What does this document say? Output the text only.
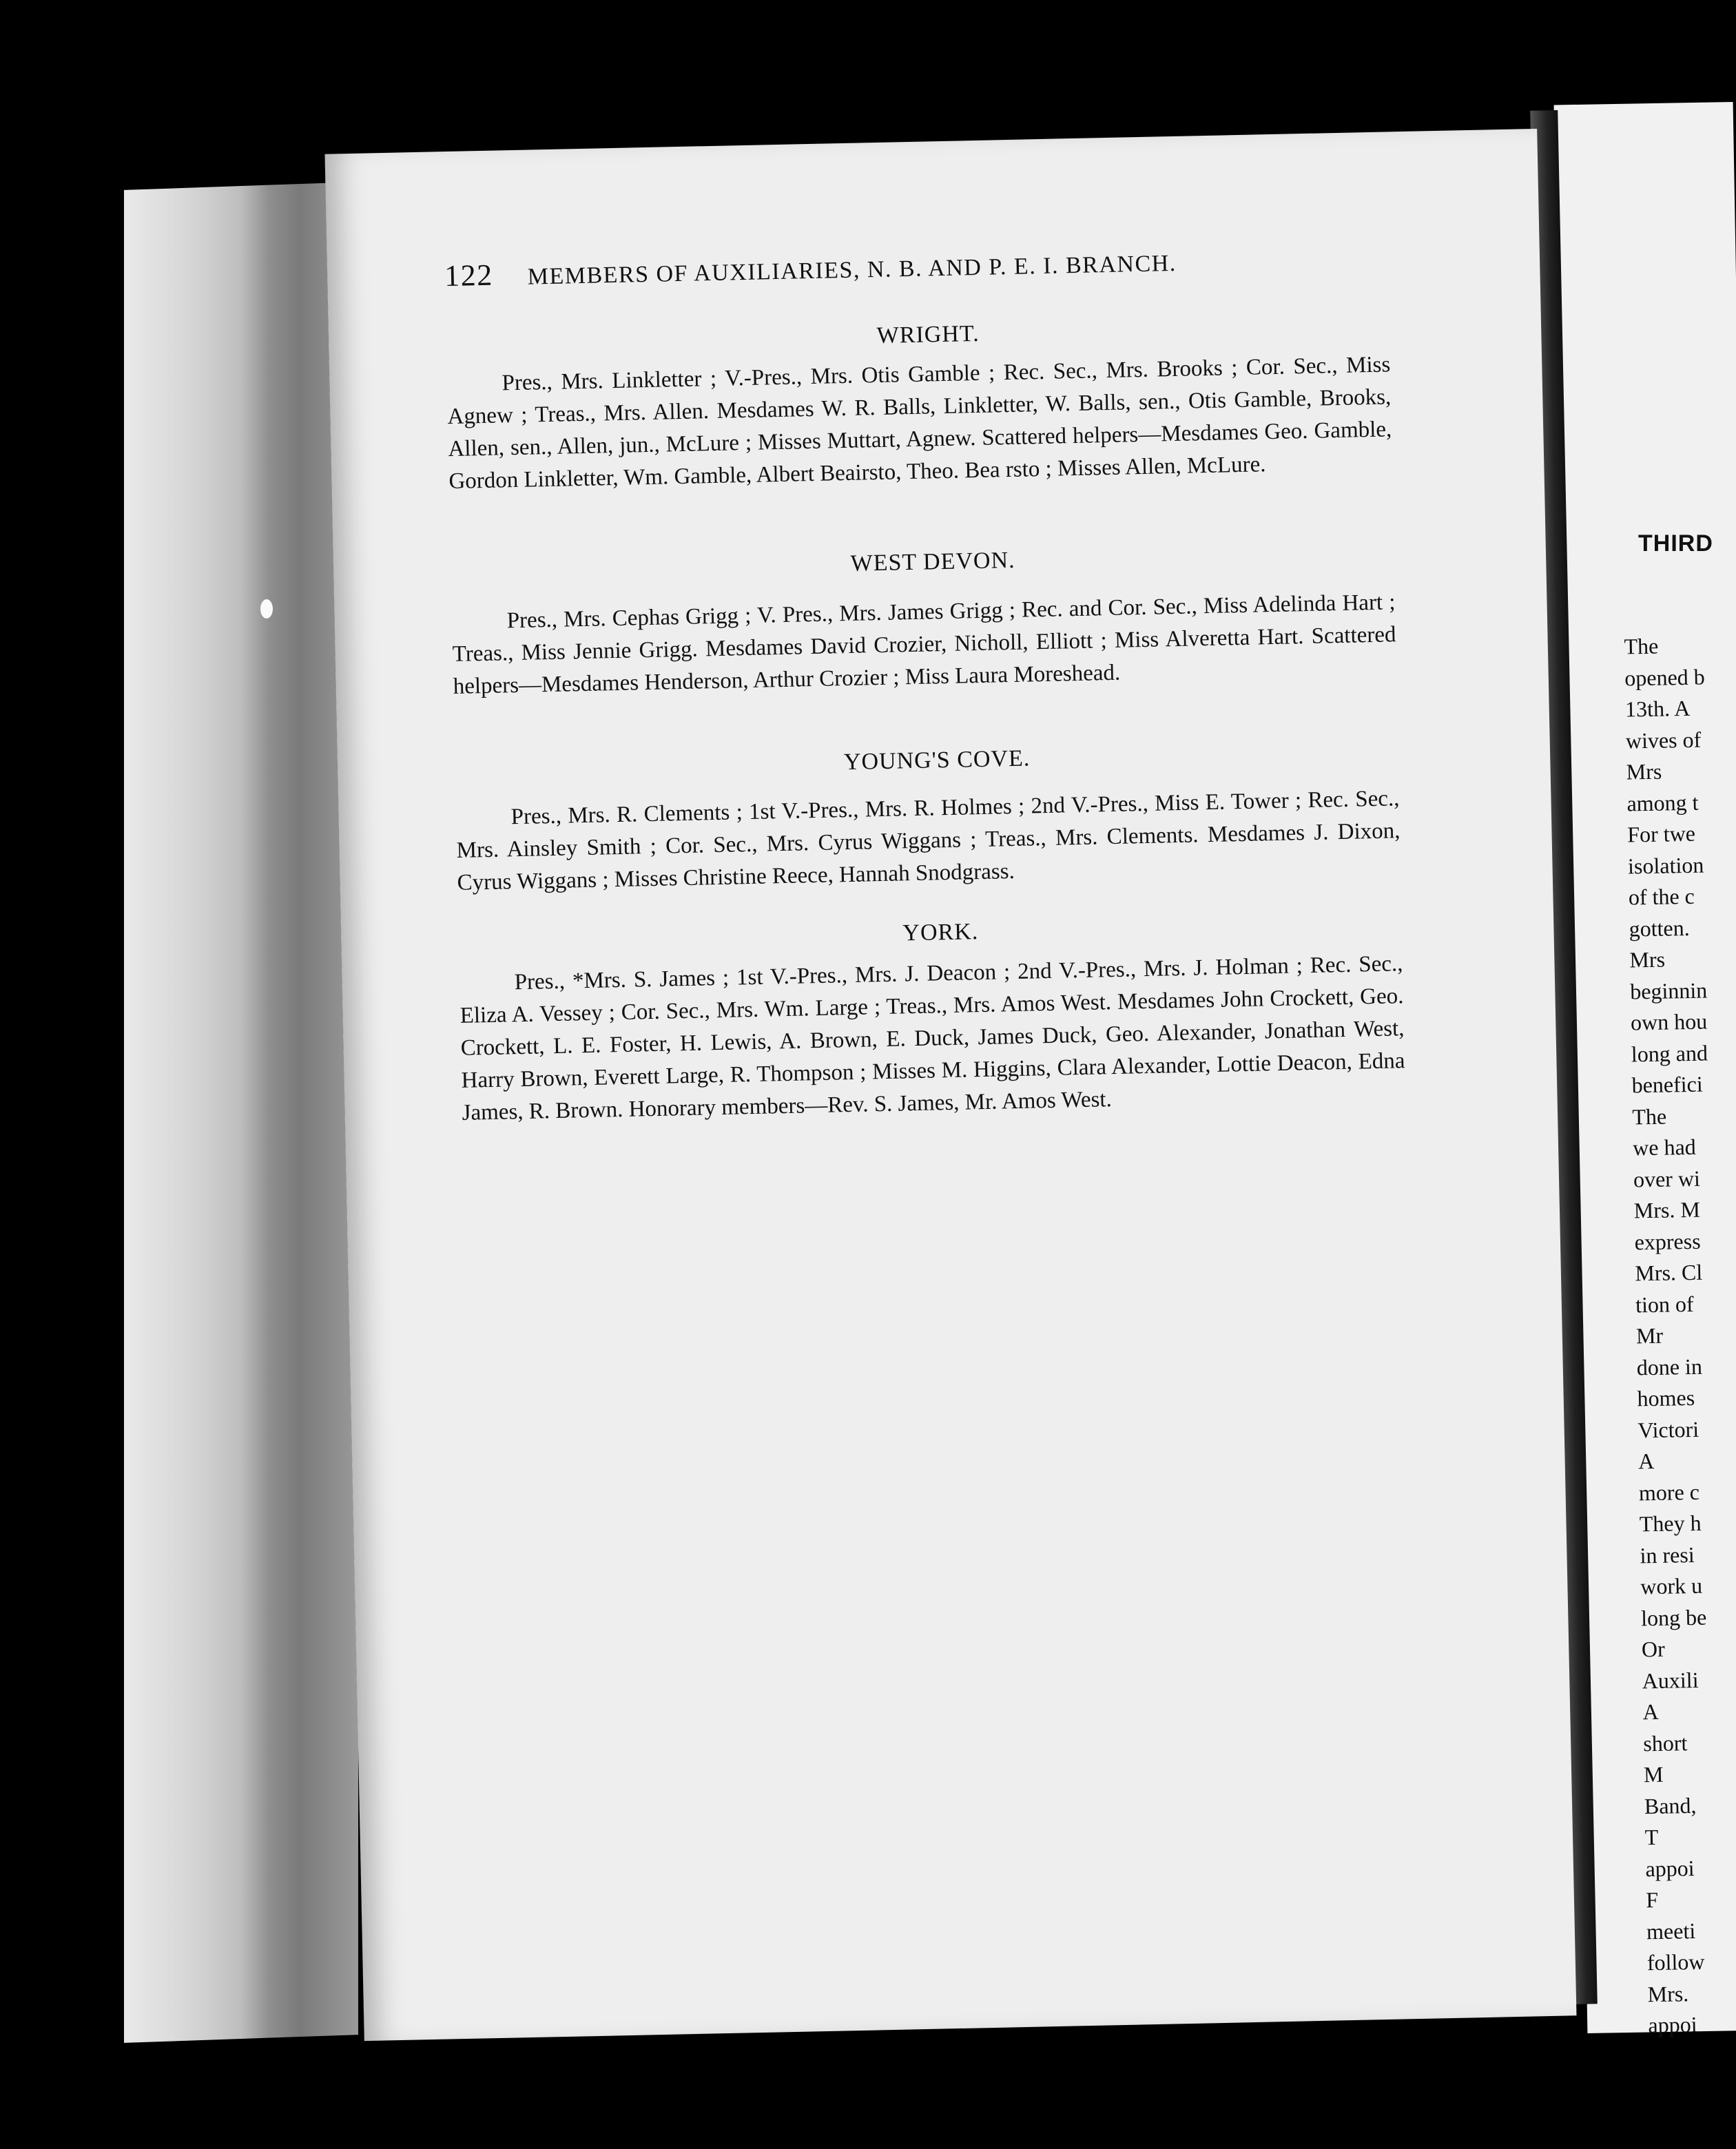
THIRD
The
opened b
13th. A
wives of
Mrs
among t
For twe
isolation
of the c
gotten.
Mrs
beginnin
own hou
long and
benefici
The
we had
over wi
Mrs. M
express
Mrs. Cl
tion of
Mr
done in
homes
Victori
A
more c
They h
in resi
work u
long be
Or
Auxili
A
short
M
Band,
T
appoi
F
meeti
follow
Mrs.
appoi
122 MEMBERS OF AUXILIARIES, N. B. AND P. E. I. BRANCH.
WRIGHT.
Pres., Mrs. Linkletter ; V.-Pres., Mrs. Otis Gamble ; Rec. Sec., Mrs. Brooks ; Cor. Sec., Miss Agnew ; Treas., Mrs. Allen. Mesdames W. R. Balls, Linkletter, W. Balls, sen., Otis Gamble, Brooks, Allen, sen., Allen, jun., McLure ; Misses Muttart, Agnew. Scattered helpers—Mesdames Geo. Gamble, Gordon Linkletter, Wm. Gamble, Albert Beairsto, Theo. Bea rsto ; Misses Allen, McLure.
WEST DEVON.
Pres., Mrs. Cephas Grigg ; V. Pres., Mrs. James Grigg ; Rec. and Cor. Sec., Miss Adelinda Hart ; Treas., Miss Jennie Grigg. Mesdames David Crozier, Nicholl, Elliott ; Miss Alveretta Hart. Scattered helpers—Mesdames Henderson, Arthur Crozier ; Miss Laura Moreshead.
YOUNG'S COVE.
Pres., Mrs. R. Clements ; 1st V.-Pres., Mrs. R. Holmes ; 2nd V.-Pres., Miss E. Tower ; Rec. Sec., Mrs. Ainsley Smith ; Cor. Sec., Mrs. Cyrus Wiggans ; Treas., Mrs. Clements. Mesdames J. Dixon, Cyrus Wiggans ; Misses Christine Reece, Hannah Snodgrass.
YORK.
Pres., *Mrs. S. James ; 1st V.-Pres., Mrs. J. Deacon ; 2nd V.-Pres., Mrs. J. Holman ; Rec. Sec., Eliza A. Vessey ; Cor. Sec., Mrs. Wm. Large ; Treas., Mrs. Amos West. Mesdames John Crockett, Geo. Crockett, L. E. Foster, H. Lewis, A. Brown, E. Duck, James Duck, Geo. Alexander, Jonathan West, Harry Brown, Everett Large, R. Thompson ; Misses M. Higgins, Clara Alexander, Lottie Deacon, Edna James, R. Brown. Honorary members—Rev. S. James, Mr. Amos West.
